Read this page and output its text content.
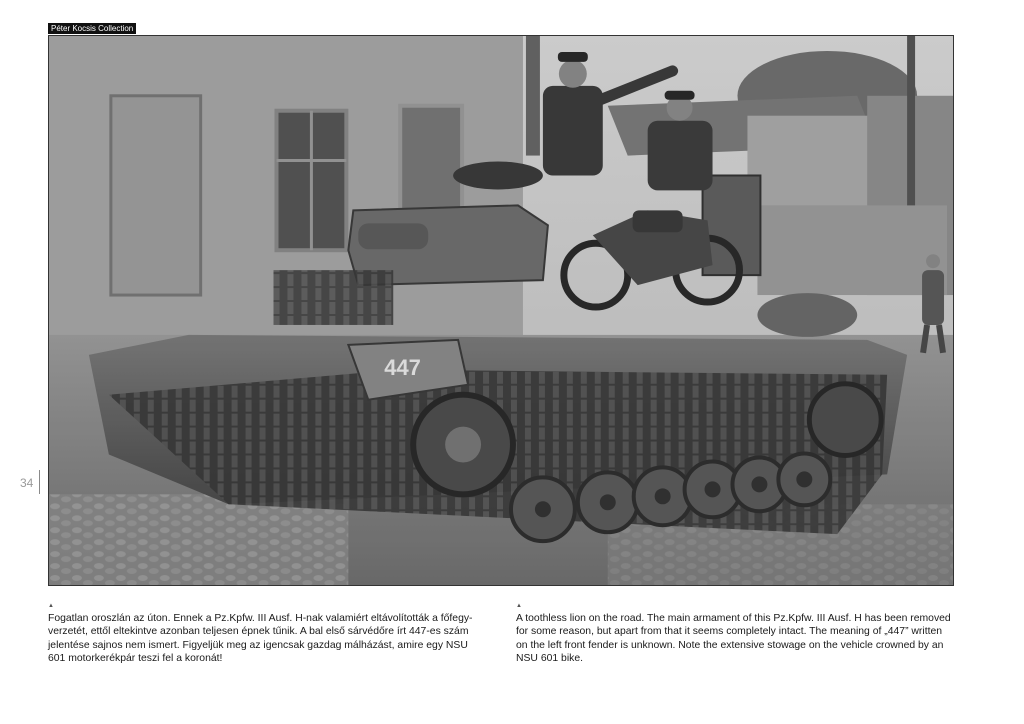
Péter Kocsis Collection
447
34
▲
Fogatlan oroszlán az úton. Ennek a Pz.Kpfw. III Ausf. H-nak valamiért eltávolították a főfegy-verzetét, ettől eltekintve azonban teljesen épnek tűnik. A bal első sárvédőre írt 447-es szám jelentése sajnos nem ismert. Figyeljük meg az igencsak gazdag málházást, amire egy NSU 601 motorkerékpár teszi fel a koronát!
▲
A toothless lion on the road. The main armament of this Pz.Kpfw. III Ausf. H has been removed for some reason, but apart from that it seems completely intact. The meaning of „447” written on the left front fender is unknown. Note the extensive stowage on the vehicle crowned by an NSU 601 bike.
